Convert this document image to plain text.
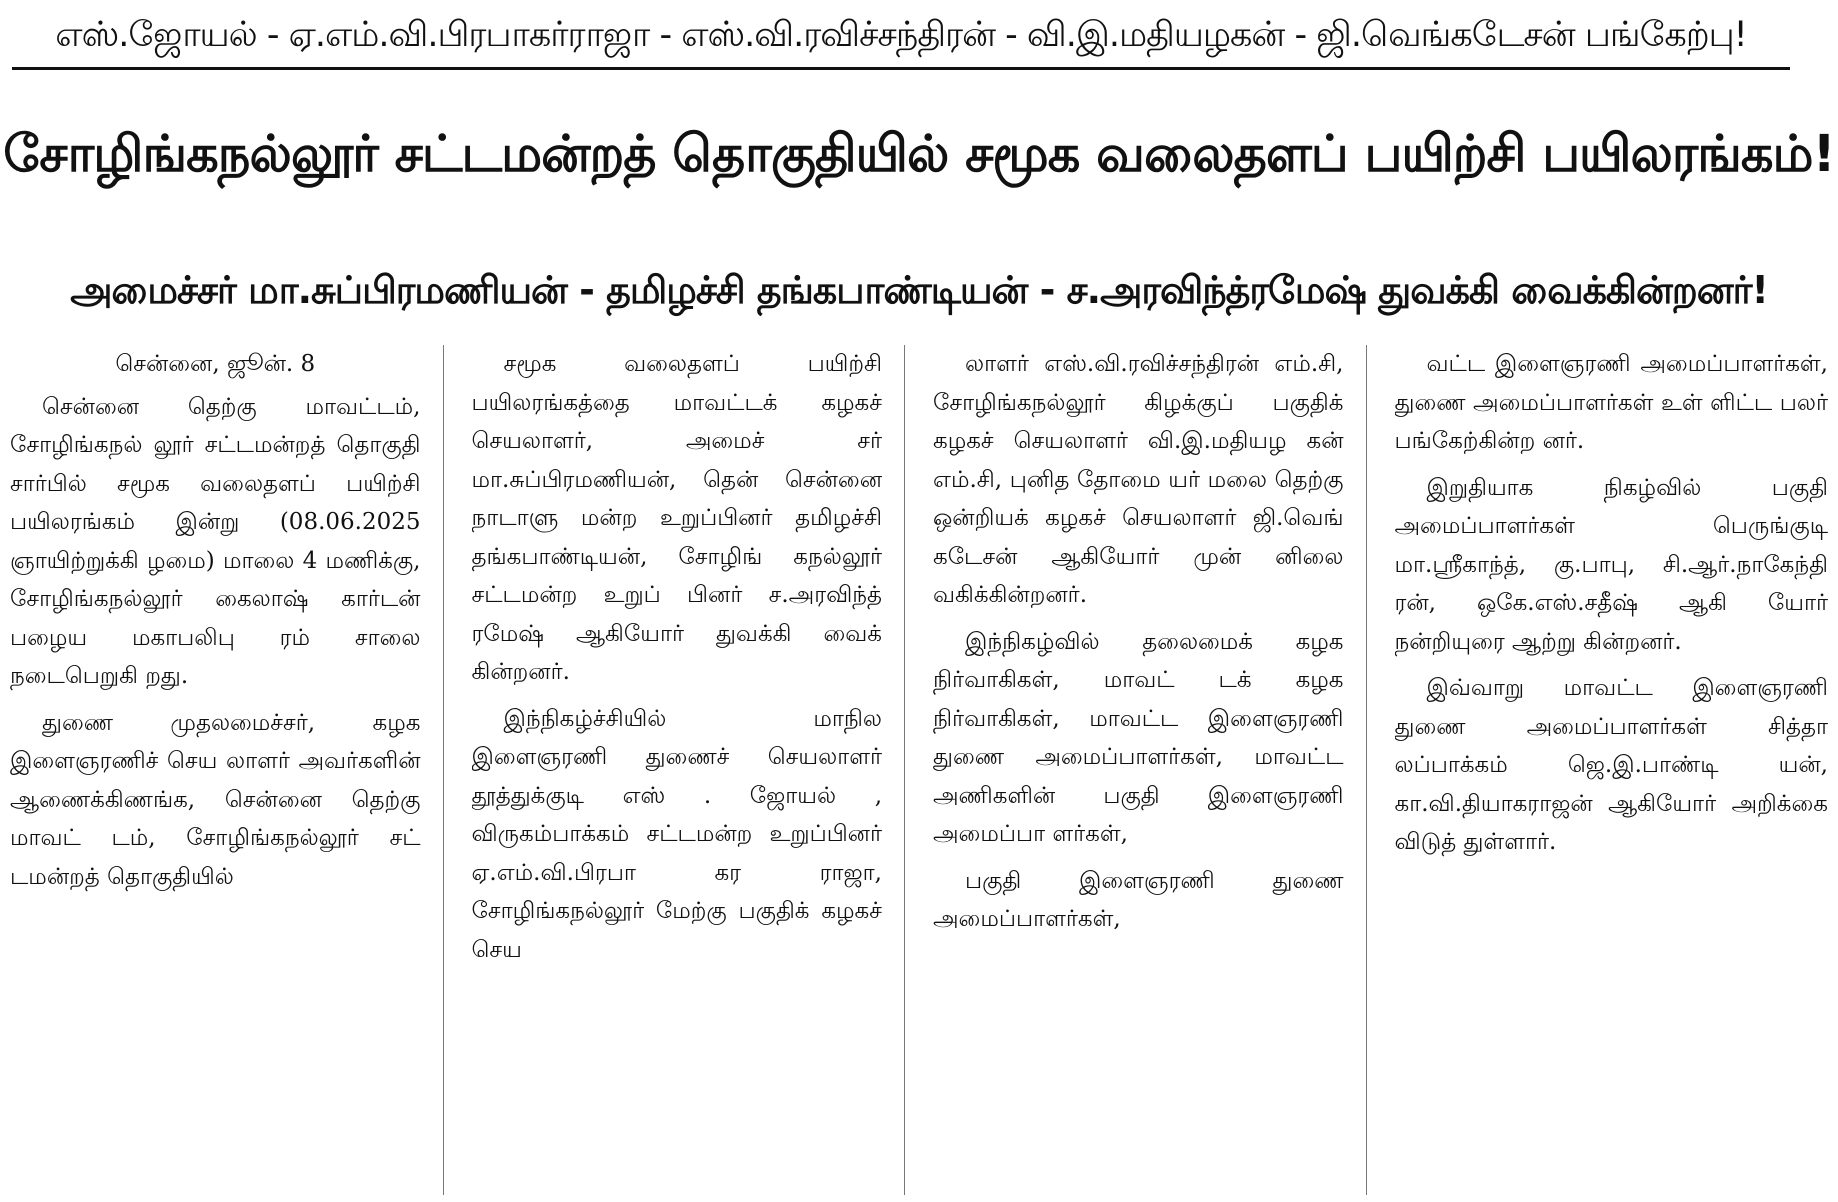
எஸ்.ஜோயல் - ஏ.எம்.வி.பிரபாகர்ராஜா - எஸ்.வி.ரவிச்சந்திரன் - வி.இ.மதியழகன் - ஜி.வெங்கடேசன் பங்கேற்பு!
சோழிங்கநல்லூர் சட்டமன்றத் தொகுதியில் சமூக வலைதளப் பயிற்சி பயிலரங்கம்!
அமைச்சர் மா.சுப்பிரமணியன் - தமிழச்சி தங்கபாண்டியன் - ச.அரவிந்த்ரமேஷ் துவக்கி வைக்கின்றனர்!

சென்னை, ஜூன். 8

சென்னை தெற்கு மாவட்டம், சோழிங்கநல் லூர் சட்டமன்றத் தொகுதி சார்பில் சமூக வலைதளப் பயிற்சி பயிலரங்கம் இன்று (08.06.2025 ஞாயிற்றுக்கி ழமை) மாலை 4 மணிக்கு, சோழிங்கநல்லூர் கைலாஷ் கார்டன் பழைய மகாபலிபு ரம் சாலை நடைபெறுகி றது.

துணை முதலமைச்சர், கழக இளைஞரணிச் செய லாளர் அவர்களின் ஆணைக்கிணங்க, சென்னை தெற்கு மாவட் டம், சோழிங்கநல்லூர் சட் டமன்றத் தொகுதியில்

சமூக வலைதளப் பயிற்சி பயிலரங்கத்தை மாவட்டக் கழகச் செயலாளர், அமைச் சர் மா.சுப்பிரமணியன், தென் சென்னை நாடாளு மன்ற உறுப்பினர் தமிழச்சி தங்கபாண்டியன், சோழிங் கநல்லூர் சட்டமன்ற உறுப் பினர் ச.அரவிந்த் ரமேஷ் ஆகியோர் துவக்கி வைக் கின்றனர்.

இந்நிகழ்ச்சியில் மாநில இளைஞரணி துணைச் செயலாளர் தூத்துக்குடி எஸ் . ஜோயல் , விருகம்பாக்கம் சட்டமன்ற உறுப்பினர் ஏ.எம்.வி.பிரபா கர ராஜா, சோழிங்கநல்லூர் மேற்கு பகுதிக் கழகச் செய

லாளர் எஸ்.வி.ரவிச்சந்திரன் எம்.சி, சோழிங்கநல்லூர் கிழக்குப் பகுதிக் கழகச் செயலாளர் வி.இ.மதியழ கன் எம்.சி, புனித தோமை யர் மலை தெற்கு ஒன்றியக் கழகச் செயலாளர் ஜி.வெங் கடேசன் ஆகியோர் முன் னிலை வகிக்கின்றனர்.

இந்நிகழ்வில் தலைமைக் கழக நிர்வாகிகள், மாவட் டக் கழக நிர்வாகிகள், மாவட்ட இளைஞரணி துணை அமைப்பாளர்கள், மாவட்ட அணிகளின் பகுதி இளைஞரணி அமைப்பா ளர்கள்,

பகுதி இளைஞரணி துணை அமைப்பாளர்கள்,

வட்ட இளைஞரணி அமைப்பாளர்கள், துணை அமைப்பாளர்கள் உள் ளிட்ட பலர் பங்கேற்கின்ற னர்.

இறுதியாக நிகழ்வில் பகுதி அமைப்பாளர்கள் பெருங்குடி மா.ஸ்ரீகாந்த், கு.பாபு, சி.ஆர்.நாகேந்தி ரன், ஒகே.எஸ்.சதீஷ் ஆகி யோர் நன்றியுரை ஆற்று கின்றனர்.

இவ்வாறு மாவட்ட இளைஞரணி துணை அமைப்பாளர்கள் சித்தா லப்பாக்கம் ஜெ.இ.பாண்டி யன், கா.வி.தியாகராஜன் ஆகியோர் அறிக்கை விடுத் துள்ளார்.
